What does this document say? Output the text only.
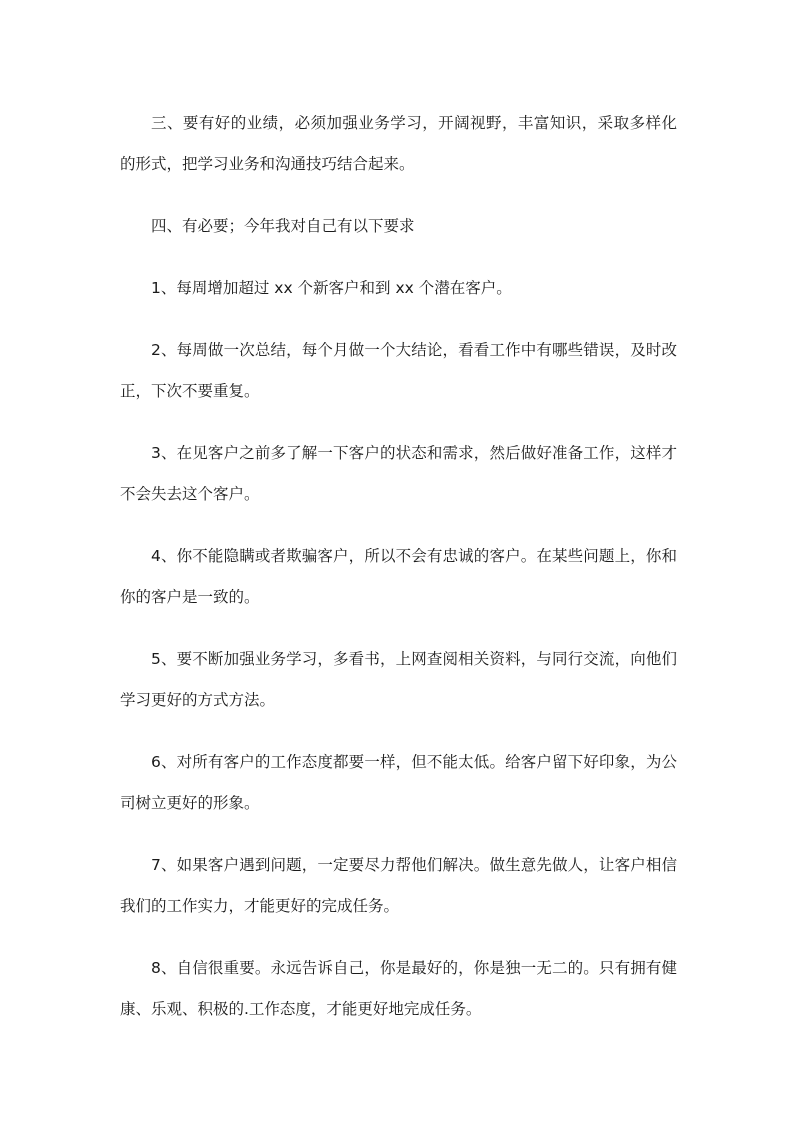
三、要有好的业绩，必须加强业务学习，开阔视野，丰富知识，采取多样化的形式，把学习业务和沟通技巧结合起来。

四、有必要；今年我对自己有以下要求

1、每周增加超过 xx 个新客户和到 xx 个潜在客户。

2、每周做一次总结，每个月做一个大结论，看看工作中有哪些错误，及时改正，下次不要重复。

3、在见客户之前多了解一下客户的状态和需求，然后做好准备工作，这样才不会失去这个客户。

4、你不能隐瞒或者欺骗客户，所以不会有忠诚的客户。在某些问题上，你和你的客户是一致的。

5、要不断加强业务学习，多看书，上网查阅相关资料，与同行交流，向他们学习更好的方式方法。

6、对所有客户的工作态度都要一样，但不能太低。给客户留下好印象，为公司树立更好的形象。

7、如果客户遇到问题，一定要尽力帮他们解决。做生意先做人，让客户相信我们的工作实力，才能更好的完成任务。

8、自信很重要。永远告诉自己，你是最好的，你是独一无二的。只有拥有健康、乐观、积极的.工作态度，才能更好地完成任务。
